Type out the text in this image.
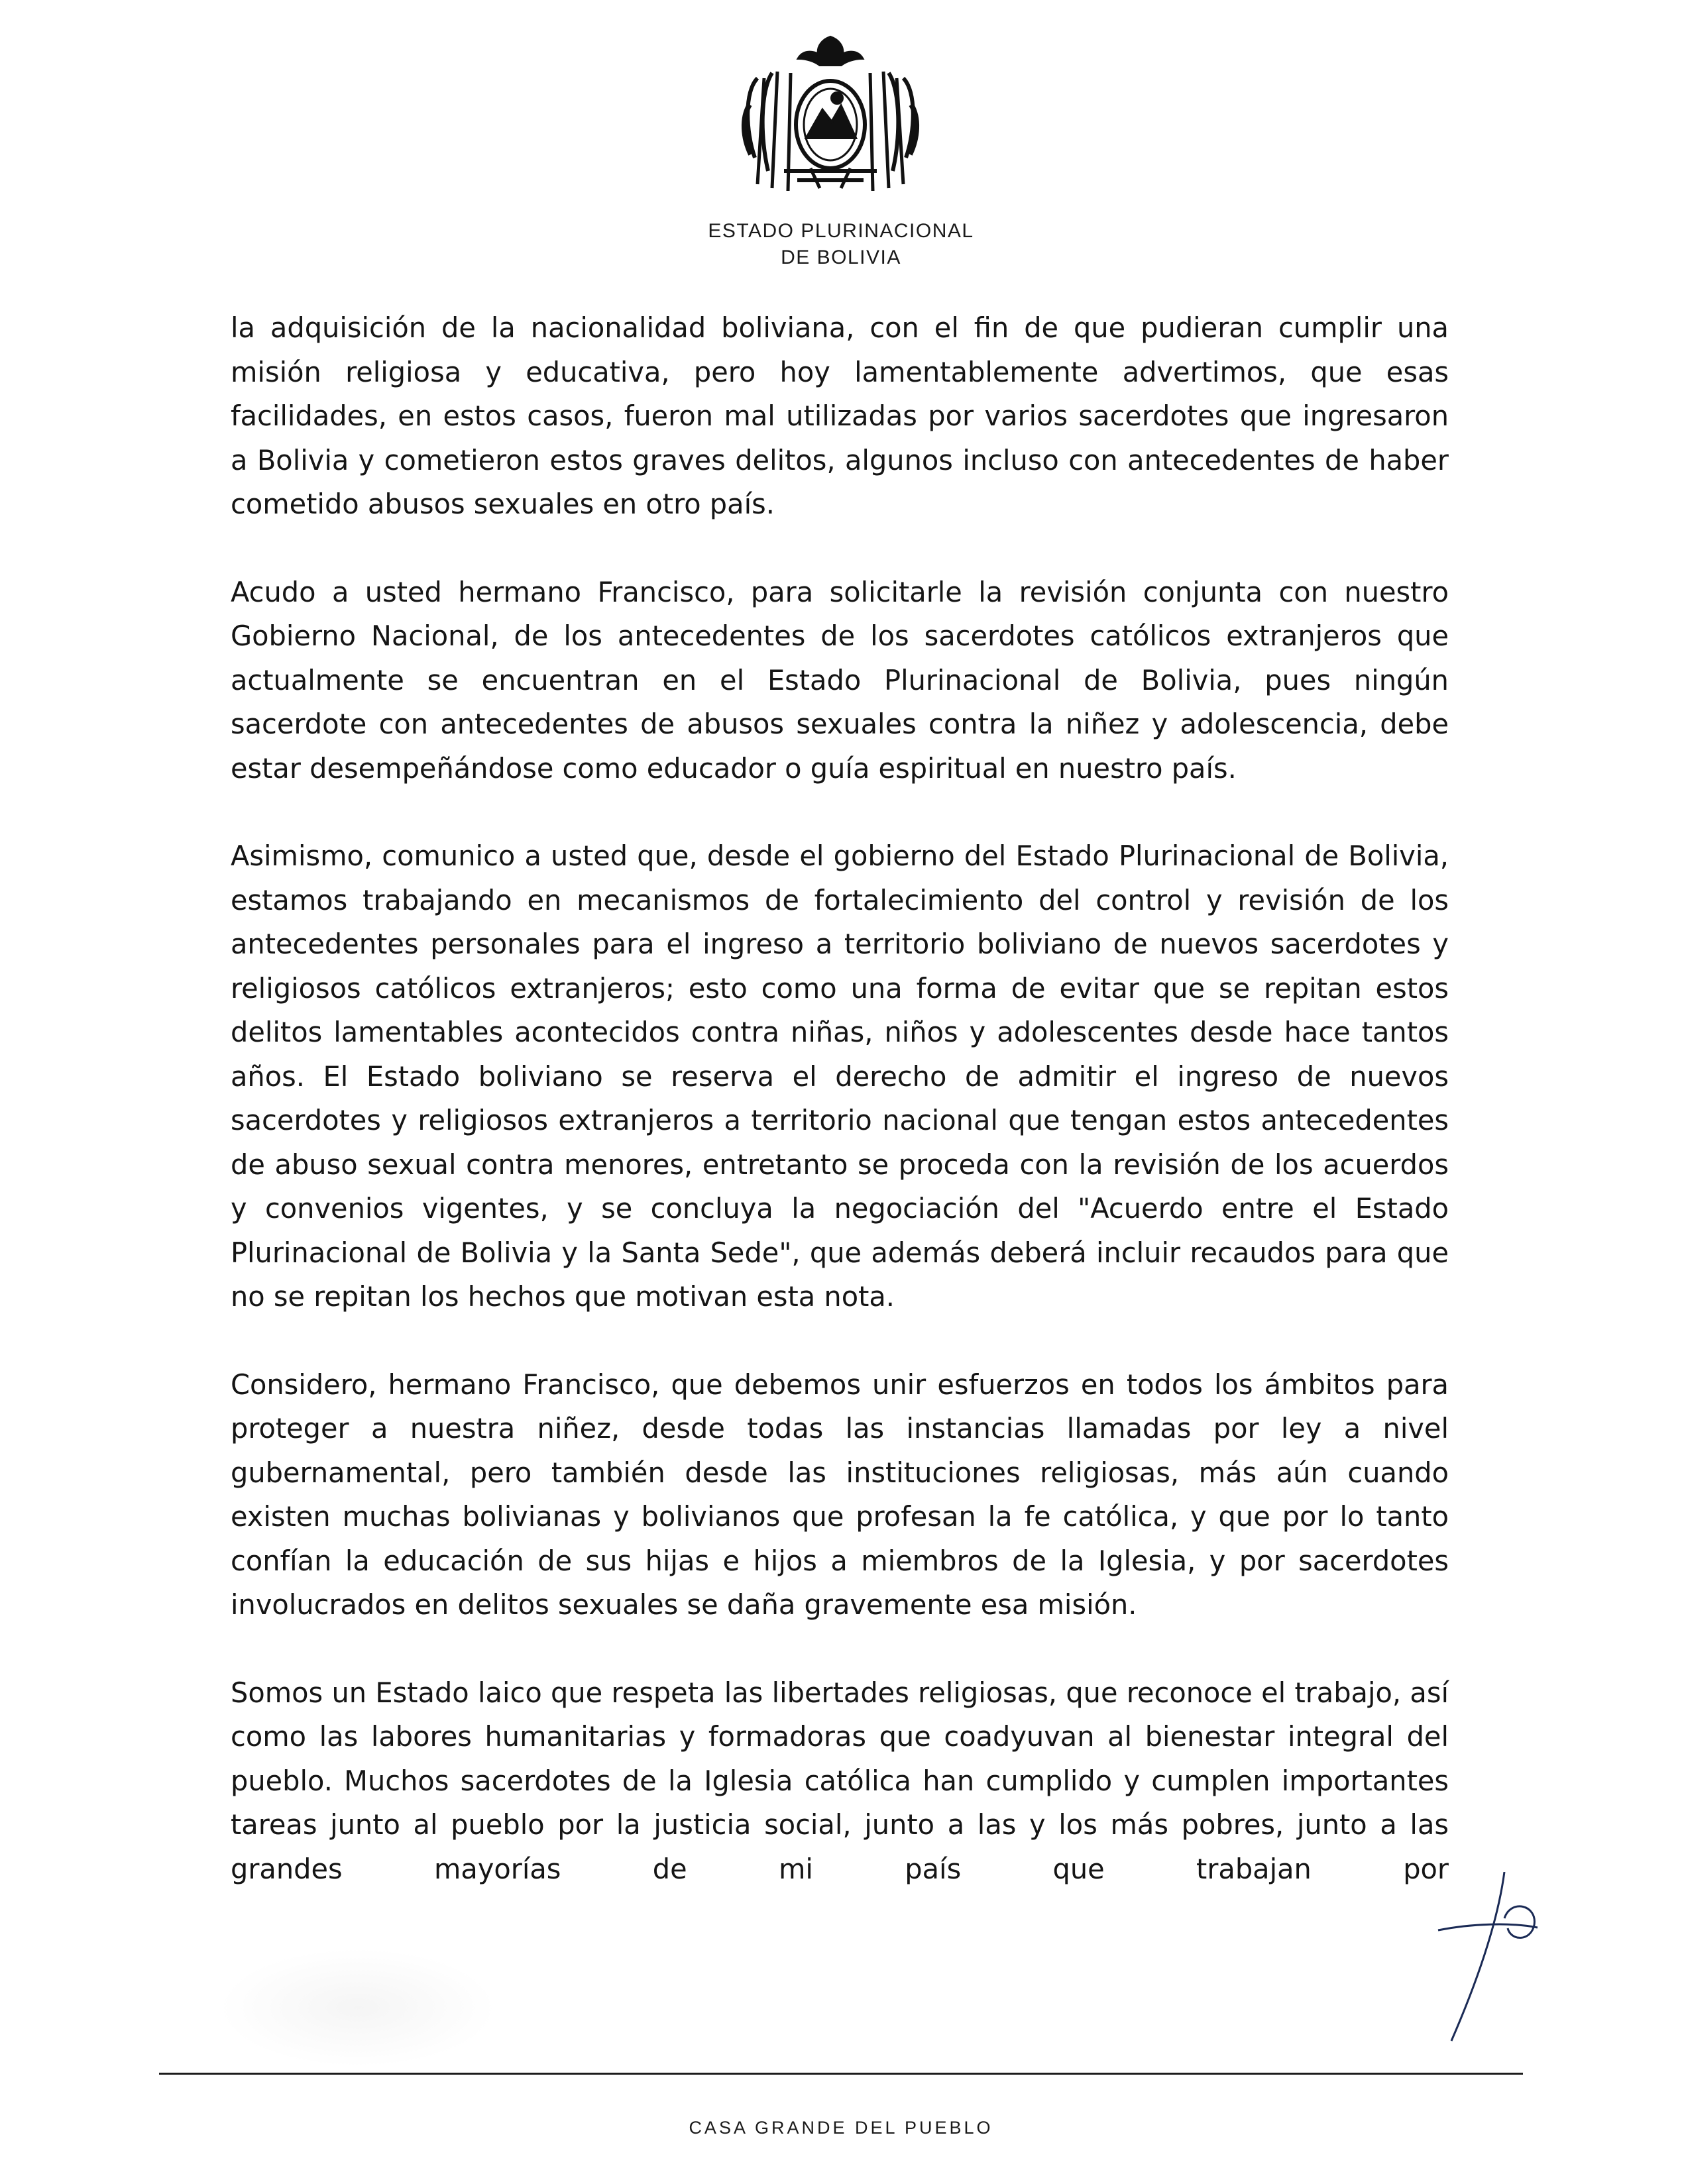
ESTADO PLURINACIONAL
DE BOLIVIA

la adquisición de la nacionalidad boliviana, con el fin de que pudieran cumplir una misión religiosa y educativa, pero hoy lamentablemente advertimos, que esas facilidades, en estos casos, fueron mal utilizadas por varios sacerdotes que ingresaron a Bolivia y cometieron estos graves delitos, algunos incluso con antecedentes de haber cometido abusos sexuales en otro país.

Acudo a usted hermano Francisco, para solicitarle la revisión conjunta con nuestro Gobierno Nacional, de los antecedentes de los sacerdotes católicos extranjeros que actualmente se encuentran en el Estado Plurinacional de Bolivia, pues ningún sacerdote con antecedentes de abusos sexuales contra la niñez y adolescencia, debe estar desempeñándose como educador o guía espiritual en nuestro país.

Asimismo, comunico a usted que, desde el gobierno del Estado Plurinacional de Bolivia, estamos trabajando en mecanismos de fortalecimiento del control y revisión de los antecedentes personales para el ingreso a territorio boliviano de nuevos sacerdotes y religiosos católicos extranjeros; esto como una forma de evitar que se repitan estos delitos lamentables acontecidos contra niñas, niños y adolescentes desde hace tantos años. El Estado boliviano se reserva el derecho de admitir el ingreso de nuevos sacerdotes y religiosos extranjeros a territorio nacional que tengan estos antecedentes de abuso sexual contra menores, entretanto se proceda con la revisión de los acuerdos y convenios vigentes, y se concluya la negociación del "Acuerdo entre el Estado Plurinacional de Bolivia y la Santa Sede", que además deberá incluir recaudos para que no se repitan los hechos que motivan esta nota.

Considero, hermano Francisco, que debemos unir esfuerzos en todos los ámbitos para proteger a nuestra niñez, desde todas las instancias llamadas por ley a nivel gubernamental, pero también desde las instituciones religiosas, más aún cuando existen muchas bolivianas y bolivianos que profesan la fe católica, y que por lo tanto confían la educación de sus hijas e hijos a miembros de la Iglesia, y por sacerdotes involucrados en delitos sexuales se daña gravemente esa misión.

Somos un Estado laico que respeta las libertades religiosas, que reconoce el trabajo, así como las labores humanitarias y formadoras que coadyuvan al bienestar integral del pueblo. Muchos sacerdotes de la Iglesia católica han cumplido y cumplen importantes tareas junto al pueblo por la justicia social, junto a las y los más pobres, junto a las grandes mayorías de mi país que trabajan por

CASA GRANDE DEL PUEBLO
